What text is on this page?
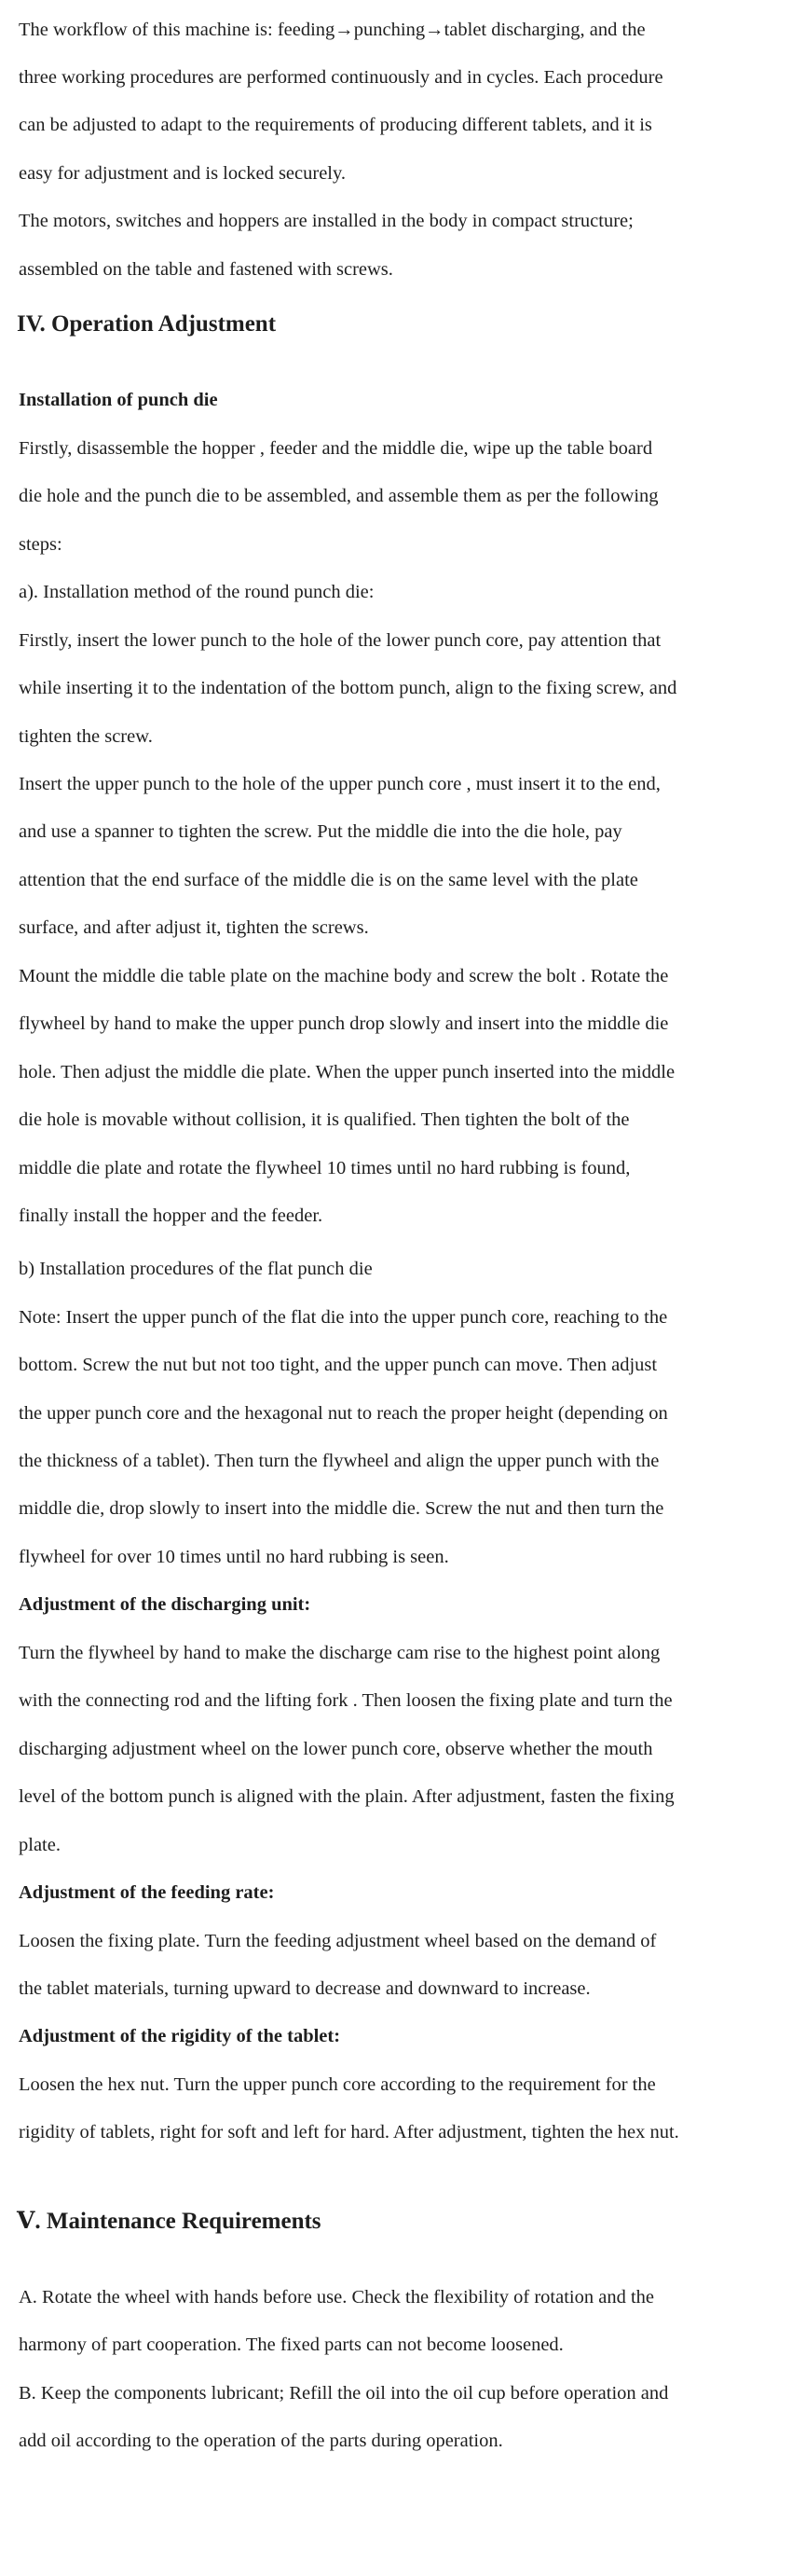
The workflow of this machine is: feeding→punching→tablet discharging, and the

three working procedures are performed continuously and in cycles. Each procedure

can be adjusted to adapt to the requirements of producing different tablets, and it is

easy for adjustment and is locked securely.

The motors, switches and hoppers are installed in the body in compact structure;

assembled on the table and fastened with screws.

IV. Operation Adjustment
Installation of punch die

Firstly, disassemble the hopper , feeder and the middle die, wipe up the table board

die hole and the punch die to be assembled, and assemble them as per the following

steps:

a). Installation method of the round punch die:

Firstly, insert the lower punch to the hole of the lower punch core, pay attention that

while inserting it to the indentation of the bottom punch, align to the fixing screw, and

tighten the screw.

Insert the upper punch to the hole of the upper punch core , must insert it to the end,

and use a spanner to tighten the screw. Put the middle die into the die hole, pay

attention that the end surface of the middle die is on the same level with the plate

surface, and after adjust it, tighten the screws.

Mount the middle die table plate on the machine body and screw the bolt . Rotate the

flywheel by hand to make the upper punch drop slowly and insert into the middle die

hole. Then adjust the middle die plate. When the upper punch inserted into the middle

die hole is movable without collision, it is qualified. Then tighten the bolt of the

middle die plate and rotate the flywheel 10 times until no hard rubbing is found,

finally install the hopper and the feeder.

b) Installation procedures of the flat punch die

Note: Insert the upper punch of the flat die into the upper punch core, reaching to the

bottom. Screw the nut but not too tight, and the upper punch can move. Then adjust

the upper punch core and the hexagonal nut to reach the proper height (depending on

the thickness of a tablet). Then turn the flywheel and align the upper punch with the

middle die, drop slowly to insert into the middle die. Screw the nut and then turn the

flywheel for over 10 times until no hard rubbing is seen.

Adjustment of the discharging unit:

Turn the flywheel by hand to make the discharge cam rise to the highest point along

with the connecting rod and the lifting fork . Then loosen the fixing plate and turn the

discharging adjustment wheel on the lower punch core, observe whether the mouth

level of the bottom punch is aligned with the plain. After adjustment, fasten the fixing

plate.

Adjustment of the feeding rate:

Loosen the fixing plate. Turn the feeding adjustment wheel based on the demand of

the tablet materials, turning upward to decrease and downward to increase.

Adjustment of the rigidity of the tablet:

Loosen the hex nut. Turn the upper punch core according to the requirement for the

rigidity of tablets, right for soft and left for hard. After adjustment, tighten the hex nut.

Ⅴ. Maintenance Requirements

A. Rotate the wheel with hands before use. Check the flexibility of rotation and the

harmony of part cooperation. The fixed parts can not become loosened.

B. Keep the components lubricant; Refill the oil into the oil cup before operation and

add oil according to the operation of the parts during operation.
